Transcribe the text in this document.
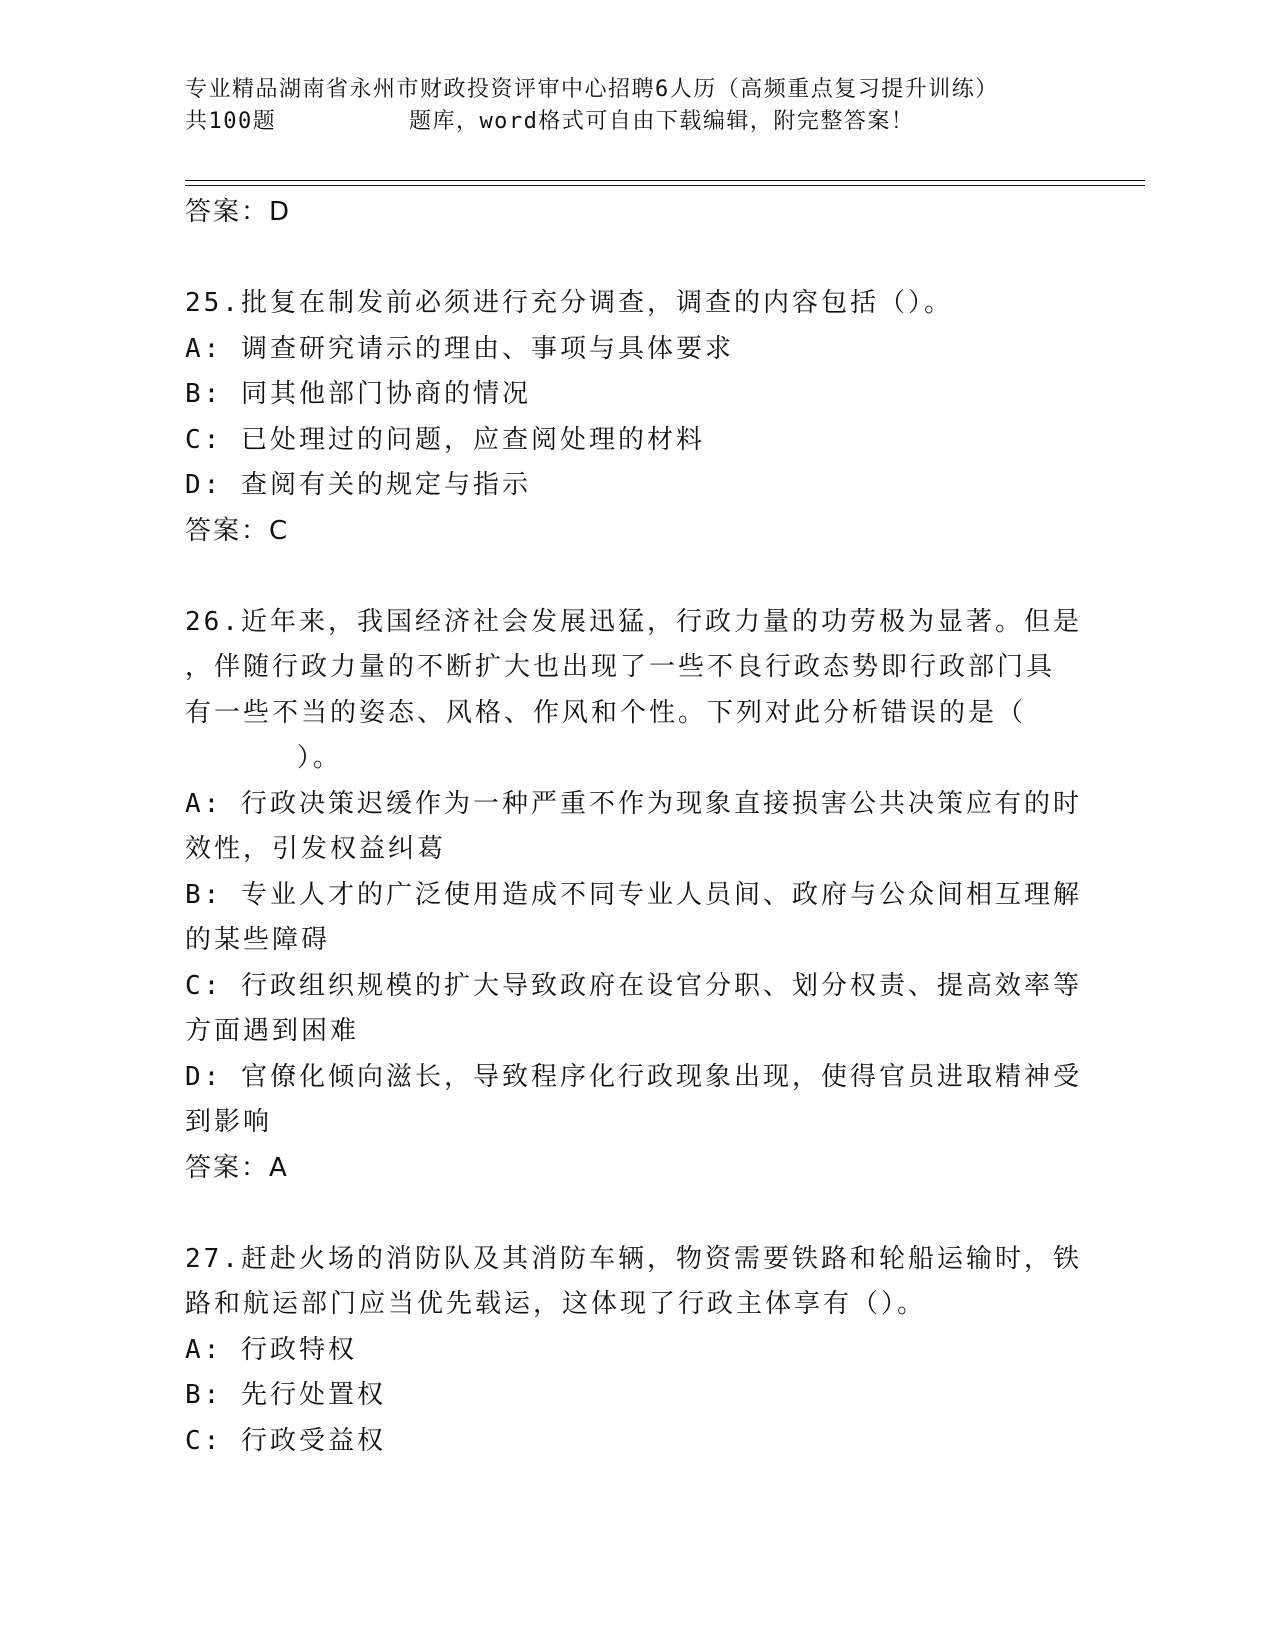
专业精品湖南省永州市财政投资评审中心招聘6人历（高频重点复习提升训练）
共100题         题库，word格式可自由下载编辑，附完整答案！
答案：D
25.批复在制发前必须进行充分调查，调查的内容包括（）。
A: 调查研究请示的理由、事项与具体要求
B: 同其他部门协商的情况
C: 已处理过的问题，应查阅处理的材料
D: 查阅有关的规定与指示
答案：C
26.近年来，我国经济社会发展迅猛，行政力量的功劳极为显著。但是
，伴随行政力量的不断扩大也出现了一些不良行政态势即行政部门具
有一些不当的姿态、风格、作风和个性。下列对此分析错误的是（
）。
A: 行政决策迟缓作为一种严重不作为现象直接损害公共决策应有的时
效性，引发权益纠葛
B: 专业人才的广泛使用造成不同专业人员间、政府与公众间相互理解
的某些障碍
C: 行政组织规模的扩大导致政府在设官分职、划分权责、提高效率等
方面遇到困难
D: 官僚化倾向滋长，导致程序化行政现象出现，使得官员进取精神受
到影响
答案：A
27.赶赴火场的消防队及其消防车辆，物资需要铁路和轮船运输时，铁
路和航运部门应当优先载运，这体现了行政主体享有（）。
A: 行政特权
B: 先行处置权
C: 行政受益权
